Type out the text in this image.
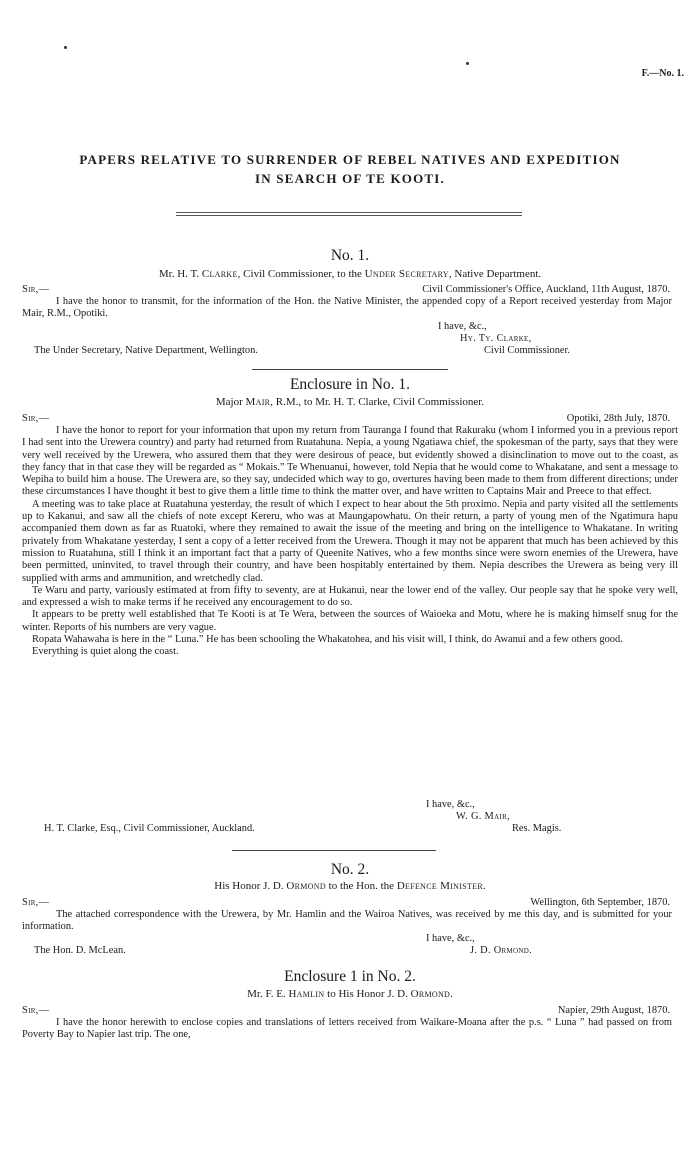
F.—No. 1.
PAPERS RELATIVE TO SURRENDER OF REBEL NATIVES AND EXPEDITION
IN SEARCH OF TE KOOTI.
No. 1.
Mr. H. T. Clarke, Civil Commissioner, to the Under Secretary, Native Department.
Sir,—	Civil Commissioner's Office, Auckland, 11th August, 1870.
I have the honor to transmit, for the information of the Hon. the Native Minister, the appended copy of a Report received yesterday from Major Mair, R.M., Opotiki.
I have, &c.,
Hy. Ty. Clarke,
The Under Secretary, Native Department, Wellington.	Civil Commissioner.
Enclosure in No. 1.
Major Mair, R.M., to Mr. H. T. Clarke, Civil Commissioner.
Sir,—	Opotiki, 28th July, 1870.
I have the honor to report for your information that upon my return from Tauranga I found that Rakuraku (whom I informed you in a previous report I had sent into the Urewera country) and party had returned from Ruatahuna. Nepia, a young Ngatiawa chief, the spokesman of the party, says that they were very well received by the Urewera, who assured them that they were desirous of peace, but evidently showed a disinclination to move out to the coast, as they fancy that in that case they will be regarded as “ Mokais.” Te Whenuanui, however, told Nepia that he would come to Whakatane, and sent a message to Wepiha to build him a house. The Urewera are, so they say, undecided which way to go, overtures having been made to them from different directions; under these circumstances I have thought it best to give them a little time to think the matter over, and have written to Captains Mair and Preece to that effect.
A meeting was to take place at Ruatahuna yesterday, the result of which I expect to hear about the 5th proximo. Nepia and party visited all the settlements up to Kakanui, and saw all the chiefs of note except Kereru, who was at Maungapowhatu. On their return, a party of young men of the Ngatimura hapu accompanied them down as far as Ruatoki, where they remained to await the issue of the meeting and bring on the intelligence to Whakatane. In writing privately from Whakatane yesterday, I sent a copy of a letter received from the Urewera. Though it may not be apparent that much has been achieved by this mission to Ruatahuna, still I think it an important fact that a party of Queenite Natives, who a few months since were sworn enemies of the Urewera, have been permitted, uninvited, to travel through their country, and have been hospitably entertained by them. Nepia describes the Urewera as being very ill supplied with arms and ammunition, and wretchedly clad.
Te Waru and party, variously estimated at from fifty to seventy, are at Hukanui, near the lower end of the valley. Our people say that he spoke very well, and expressed a wish to make terms if he received any encouragement to do so.
It appears to be pretty well established that Te Kooti is at Te Wera, between the sources of Waioeka and Motu, where he is making himself snug for the winter. Reports of his numbers are very vague.
Ropata Wahawaha is here in the “ Luna.” He has been schooling the Whakatohea, and his visit will, I think, do Awanui and a few others good.
Everything is quiet along the coast.
I have, &c.,
W. G. Mair,
H. T. Clarke, Esq., Civil Commissioner, Auckland.	Res. Magis.
No. 2.
His Honor J. D. Ormond to the Hon. the Defence Minister.
Sir,—	Wellington, 6th September, 1870.
The attached correspondence with the Urewera, by Mr. Hamlin and the Wairoa Natives, was received by me this day, and is submitted for your information.
I have, &c.,
The Hon. D. McLean.	J. D. Ormond.
Enclosure 1 in No. 2.
Mr. F. E. Hamlin to His Honor J. D. Ormond.
Sir,—	Napier, 29th August, 1870.
I have the honor herewith to enclose copies and translations of letters received from Waikare-Moana after the p.s. “ Luna ” had passed on from Poverty Bay to Napier last trip. The one,
